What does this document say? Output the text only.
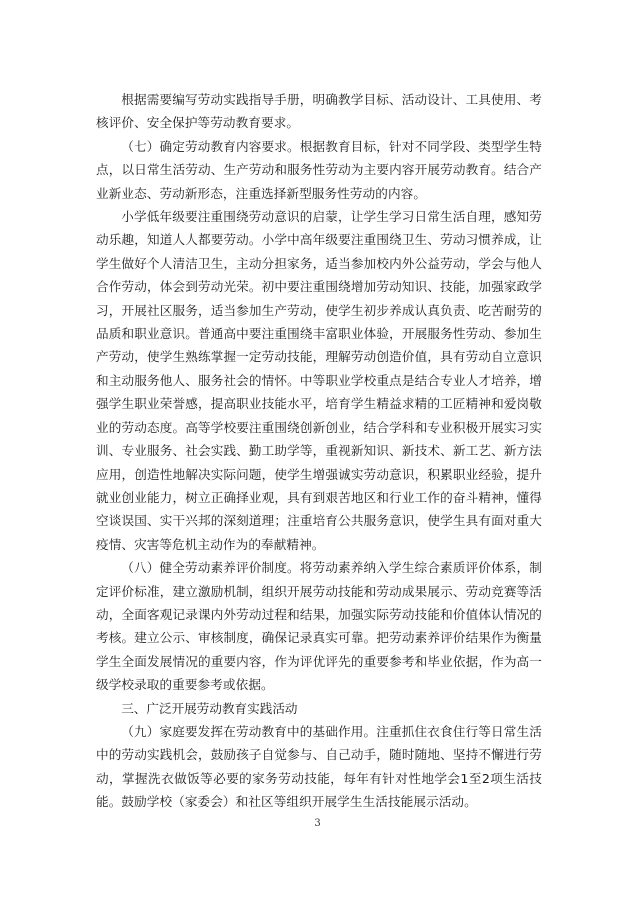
根据需要编写劳动实践指导手册，明确教学目标、活动设计、工具使用、考核评价、安全保护等劳动教育要求。

（七）确定劳动教育内容要求。根据教育目标，针对不同学段、类型学生特点，以日常生活劳动、生产劳动和服务性劳动为主要内容开展劳动教育。结合产业新业态、劳动新形态，注重选择新型服务性劳动的内容。

小学低年级要注重围绕劳动意识的启蒙，让学生学习日常生活自理，感知劳动乐趣，知道人人都要劳动。小学中高年级要注重围绕卫生、劳动习惯养成，让学生做好个人清洁卫生，主动分担家务，适当参加校内外公益劳动，学会与他人合作劳动，体会到劳动光荣。初中要注重围绕增加劳动知识、技能，加强家政学习，开展社区服务，适当参加生产劳动，使学生初步养成认真负责、吃苦耐劳的品质和职业意识。普通高中要注重围绕丰富职业体验，开展服务性劳动、参加生产劳动，使学生熟练掌握一定劳动技能，理解劳动创造价值，具有劳动自立意识和主动服务他人、服务社会的情怀。中等职业学校重点是结合专业人才培养，增强学生职业荣誉感，提高职业技能水平，培育学生精益求精的工匠精神和爱岗敬业的劳动态度。高等学校要注重围绕创新创业，结合学科和专业积极开展实习实训、专业服务、社会实践、勤工助学等，重视新知识、新技术、新工艺、新方法应用，创造性地解决实际问题，使学生增强诚实劳动意识，积累职业经验，提升就业创业能力，树立正确择业观，具有到艰苦地区和行业工作的奋斗精神，懂得空谈误国、实干兴邦的深刻道理；注重培育公共服务意识，使学生具有面对重大疫情、灾害等危机主动作为的奉献精神。

（八）健全劳动素养评价制度。将劳动素养纳入学生综合素质评价体系，制定评价标准，建立激励机制，组织开展劳动技能和劳动成果展示、劳动竞赛等活动，全面客观记录课内外劳动过程和结果，加强实际劳动技能和价值体认情况的考核。建立公示、审核制度，确保记录真实可靠。把劳动素养评价结果作为衡量学生全面发展情况的重要内容，作为评优评先的重要参考和毕业依据，作为高一级学校录取的重要参考或依据。

三、广泛开展劳动教育实践活动

（九）家庭要发挥在劳动教育中的基础作用。注重抓住衣食住行等日常生活中的劳动实践机会，鼓励孩子自觉参与、自己动手，随时随地、坚持不懈进行劳动，掌握洗衣做饭等必要的家务劳动技能，每年有针对性地学会1至2项生活技能。鼓励学校（家委会）和社区等组织开展学生生活技能展示活动。

3
